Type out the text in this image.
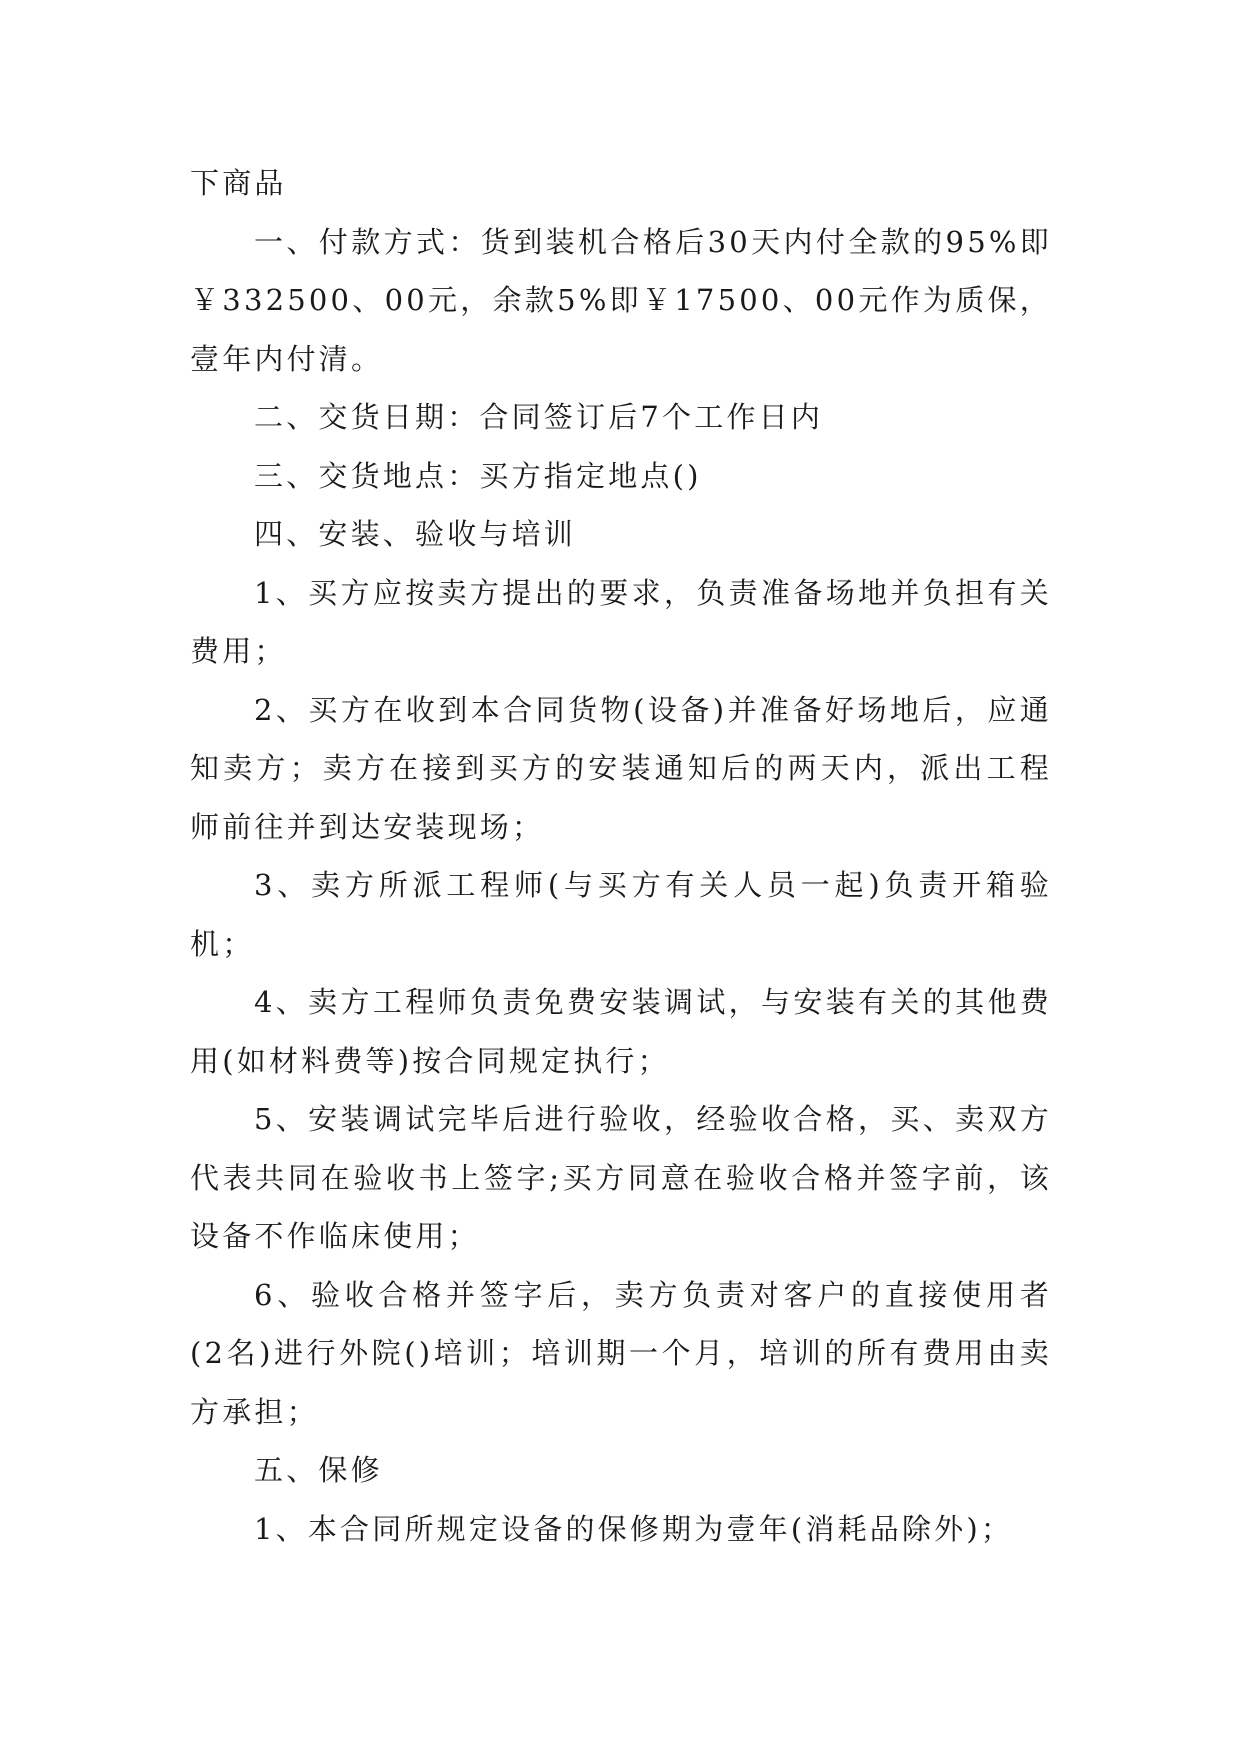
下商品

一、付款方式：货到装机合格后30天内付全款的95%即￥332500、00元，余款5%即￥17500、00元作为质保，壹年内付清。

二、交货日期：合同签订后7个工作日内

三、交货地点：买方指定地点()

四、安装、验收与培训

1、买方应按卖方提出的要求，负责准备场地并负担有关费用；

2、买方在收到本合同货物(设备)并准备好场地后，应通知卖方；卖方在接到买方的安装通知后的两天内，派出工程师前往并到达安装现场；

3、卖方所派工程师(与买方有关人员一起)负责开箱验机；

4、卖方工程师负责免费安装调试，与安装有关的其他费用(如材料费等)按合同规定执行；

5、安装调试完毕后进行验收，经验收合格，买、卖双方代表共同在验收书上签字;买方同意在验收合格并签字前，该设备不作临床使用；

6、验收合格并签字后，卖方负责对客户的直接使用者(2名)进行外院()培训；培训期一个月，培训的所有费用由卖方承担；

五、保修

1、本合同所规定设备的保修期为壹年(消耗品除外)；
